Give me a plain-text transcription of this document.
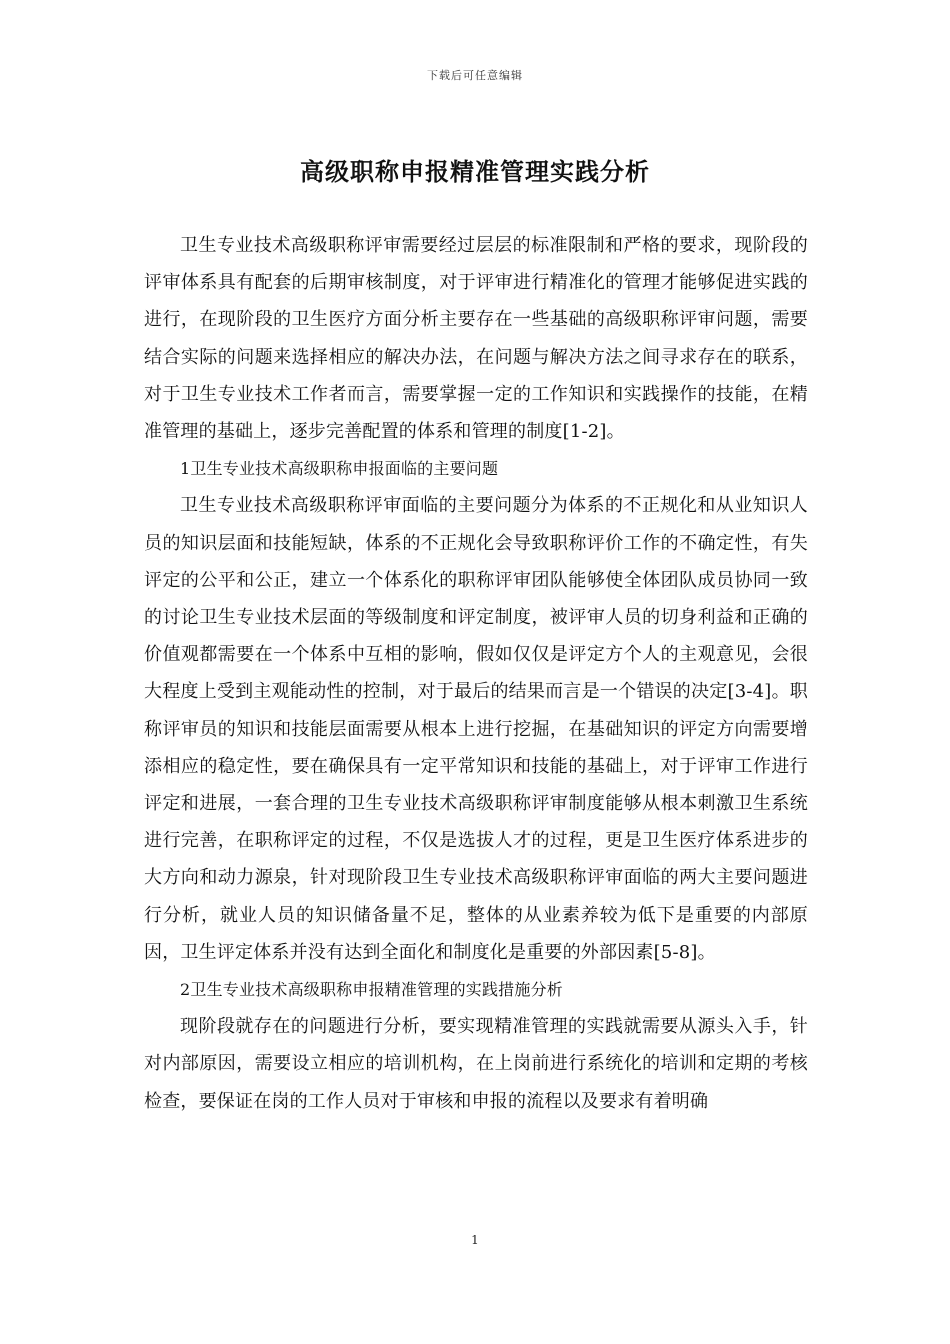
下载后可任意编辑
高级职称申报精准管理实践分析

卫生专业技术高级职称评审需要经过层层的标准限制和严格的要求，现阶段的评审体系具有配套的后期审核制度，对于评审进行精准化的管理才能够促进实践的进行，在现阶段的卫生医疗方面分析主要存在一些基础的高级职称评审问题，需要结合实际的问题来选择相应的解决办法，在问题与解决方法之间寻求存在的联系，对于卫生专业技术工作者而言，需要掌握一定的工作知识和实践操作的技能，在精准管理的基础上，逐步完善配置的体系和管理的制度[1-2]。

1卫生专业技术高级职称申报面临的主要问题

卫生专业技术高级职称评审面临的主要问题分为体系的不正规化和从业知识人员的知识层面和技能短缺，体系的不正规化会导致职称评价工作的不确定性，有失评定的公平和公正，建立一个体系化的职称评审团队能够使全体团队成员协同一致的讨论卫生专业技术层面的等级制度和评定制度，被评审人员的切身利益和正确的价值观都需要在一个体系中互相的影响，假如仅仅是评定方个人的主观意见，会很大程度上受到主观能动性的控制，对于最后的结果而言是一个错误的决定[3-4]。职称评审员的知识和技能层面需要从根本上进行挖掘，在基础知识的评定方向需要增添相应的稳定性，要在确保具有一定平常知识和技能的基础上，对于评审工作进行评定和进展，一套合理的卫生专业技术高级职称评审制度能够从根本刺激卫生系统进行完善，在职称评定的过程，不仅是选拔人才的过程，更是卫生医疗体系进步的大方向和动力源泉，针对现阶段卫生专业技术高级职称评审面临的两大主要问题进行分析，就业人员的知识储备量不足，整体的从业素养较为低下是重要的内部原因，卫生评定体系并没有达到全面化和制度化是重要的外部因素[5-8]。

2卫生专业技术高级职称申报精准管理的实践措施分析

现阶段就存在的问题进行分析，要实现精准管理的实践就需要从源头入手，针对内部原因，需要设立相应的培训机构，在上岗前进行系统化的培训和定期的考核检查，要保证在岗的工作人员对于审核和申报的流程以及要求有着明确

1
